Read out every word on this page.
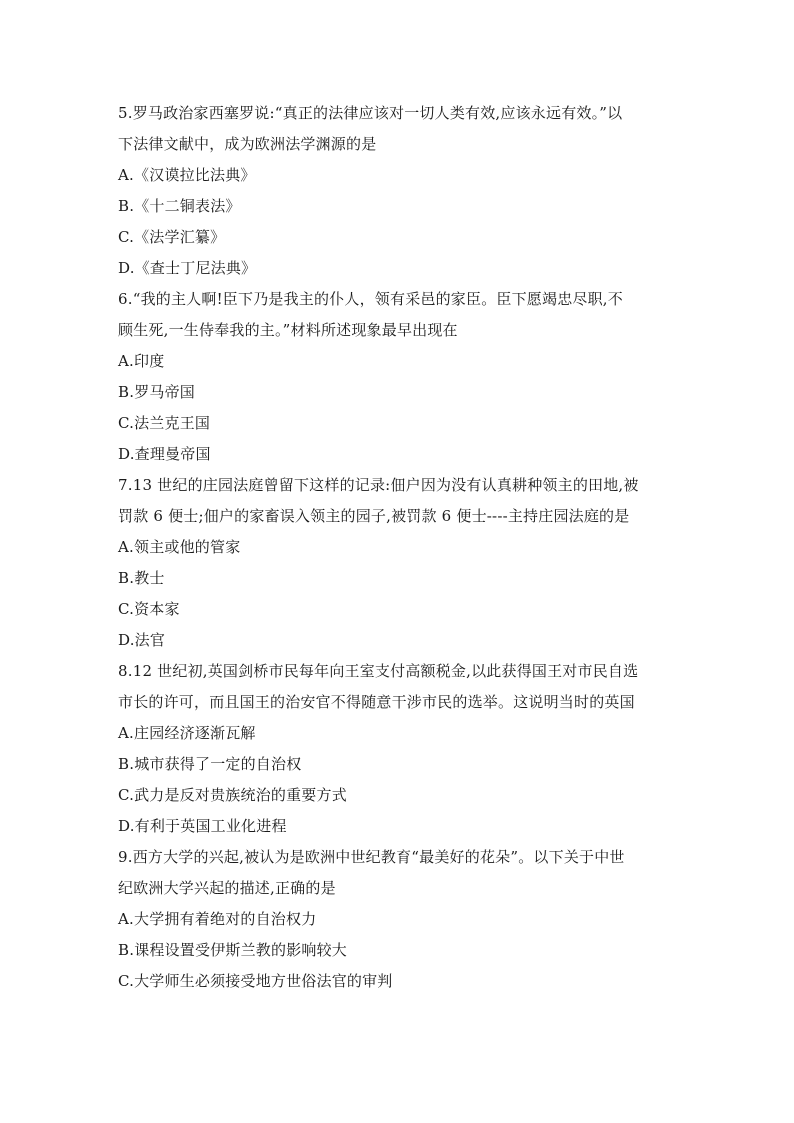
5.罗马政治家西塞罗说:“真正的法律应该对一切人类有效,应该永远有效。”以
下法律文献中，成为欧洲法学渊源的是
A.《汉谟拉比法典》
B.《十二铜表法》
C.《法学汇纂》
D.《查士丁尼法典》
6.“我的主人啊!臣下乃是我主的仆人，领有采邑的家臣。臣下愿竭忠尽职,不
顾生死,一生侍奉我的主。”材料所述现象最早出现在
A.印度
B.罗马帝国
C.法兰克王国
D.查理曼帝国
7.13 世纪的庄园法庭曾留下这样的记录:佃户因为没有认真耕种领主的田地,被
罚款 6 便士;佃户的家畜误入领主的园子,被罚款 6 便士----主持庄园法庭的是
A.领主或他的管家
B.教士
C.资本家
D.法官
8.12 世纪初,英国剑桥市民每年向王室支付高额税金,以此获得国王对市民自选
市长的许可，而且国王的治安官不得随意干涉市民的选举。这说明当时的英国
A.庄园经济逐渐瓦解
B.城市获得了一定的自治权
C.武力是反对贵族统治的重要方式
D.有利于英国工业化进程
9.西方大学的兴起,被认为是欧洲中世纪教育“最美好的花朵”。以下关于中世
纪欧洲大学兴起的描述,正确的是
A.大学拥有着绝对的自治权力
B.课程设置受伊斯兰教的影响较大
C.大学师生必须接受地方世俗法官的审判
